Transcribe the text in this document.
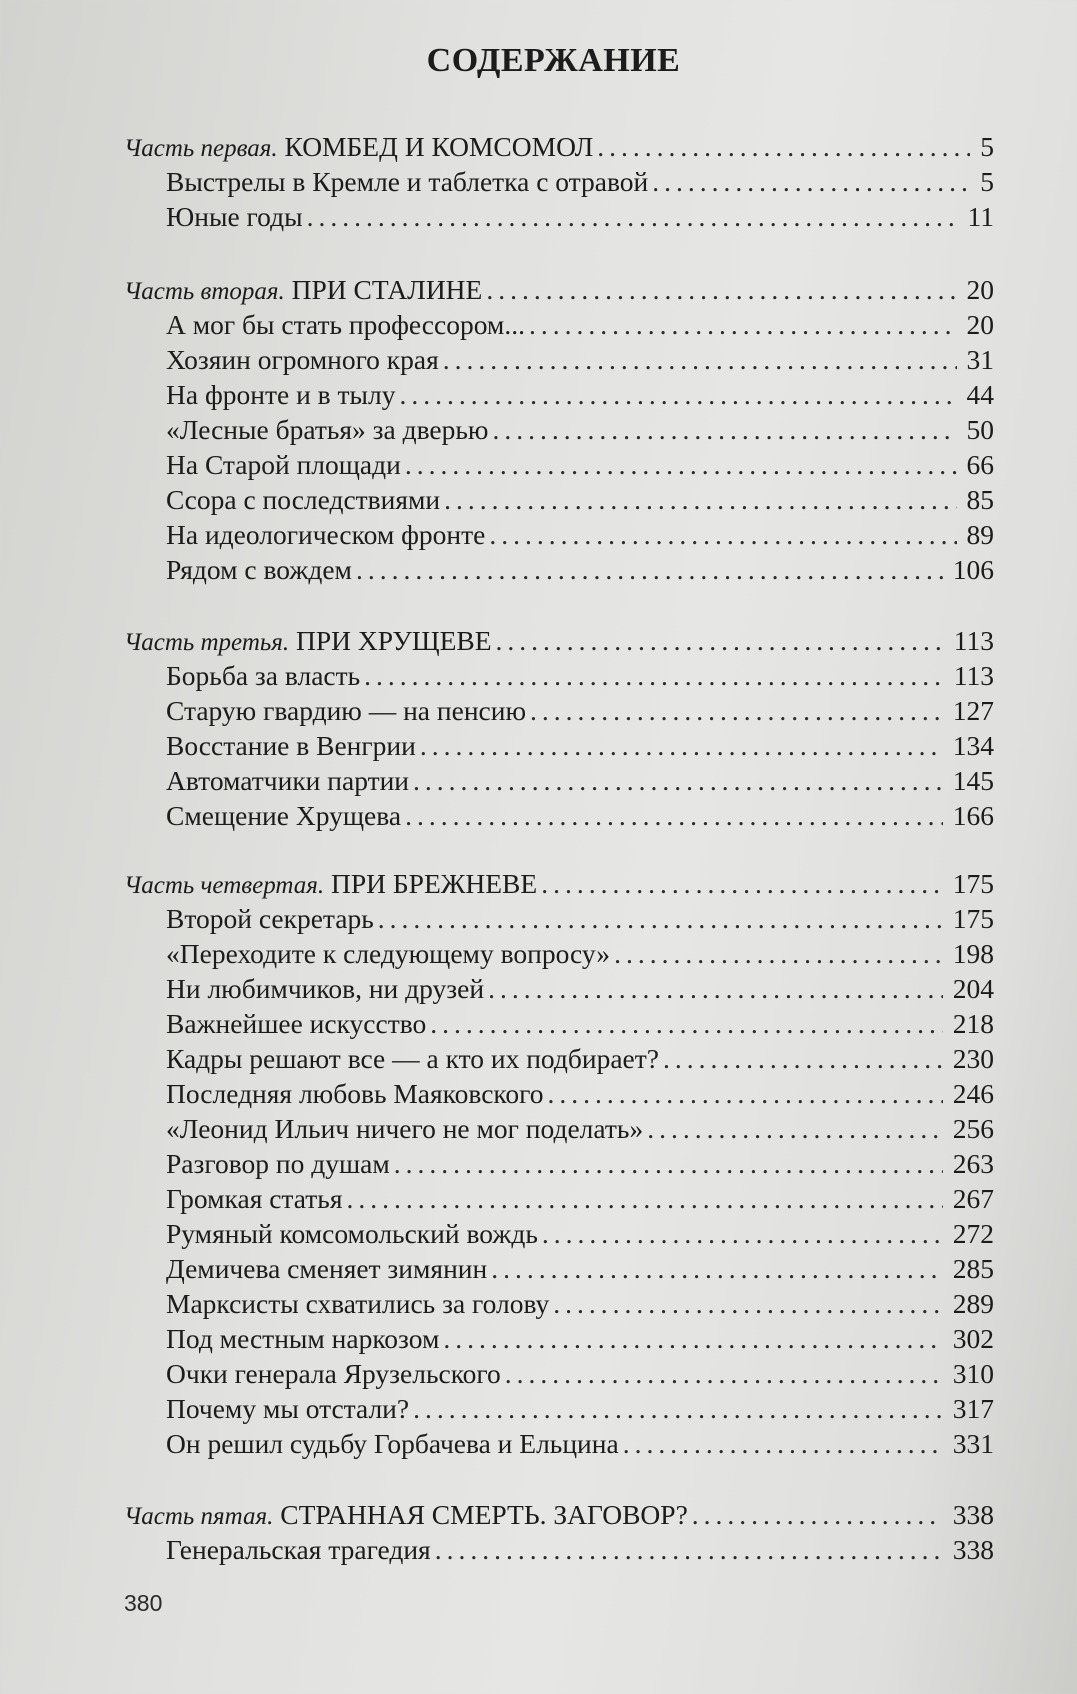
СОДЕРЖАНИЕ
Часть первая. КОМБЕД И КОМСОМОЛ .....	5
Выстрелы в Кремле и таблетка с отравой .....	5
Юные годы .....	11
Часть вторая. ПРИ СТАЛИНЕ .....	20
А мог бы стать профессором... .....	20
Хозяин огромного края .....	31
На фронте и в тылу .....	44
«Лесные братья» за дверью .....	50
На Старой площади .....	66
Ссора с последствиями .....	85
На идеологическом фронте .....	89
Рядом с вождем .....	106
Часть третья. ПРИ ХРУЩЕВЕ .....	113
Борьба за власть .....	113
Старую гвардию — на пенсию .....	127
Восстание в Венгрии .....	134
Автоматчики партии .....	145
Смещение Хрущева .....	166
Часть четвертая. ПРИ БРЕЖНЕВЕ .....	175
Второй секретарь .....	175
«Переходите к следующему вопросу» .....	198
Ни любимчиков, ни друзей .....	204
Важнейшее искусство .....	218
Кадры решают все — а кто их подбирает? .....	230
Последняя любовь Маяковского .....	246
«Леонид Ильич ничего не мог поделать» .....	256
Разговор по душам .....	263
Громкая статья .....	267
Румяный комсомольский вождь .....	272
Демичева сменяет зимянин .....	285
Марксисты схватились за голову .....	289
Под местным наркозом .....	302
Очки генерала Ярузельского .....	310
Почему мы отстали? .....	317
Он решил судьбу Горбачева и Ельцина .....	331
Часть пятая. СТРАННАЯ СМЕРТЬ. ЗАГОВОР? .....	338
Генеральская трагедия .....	338
380
